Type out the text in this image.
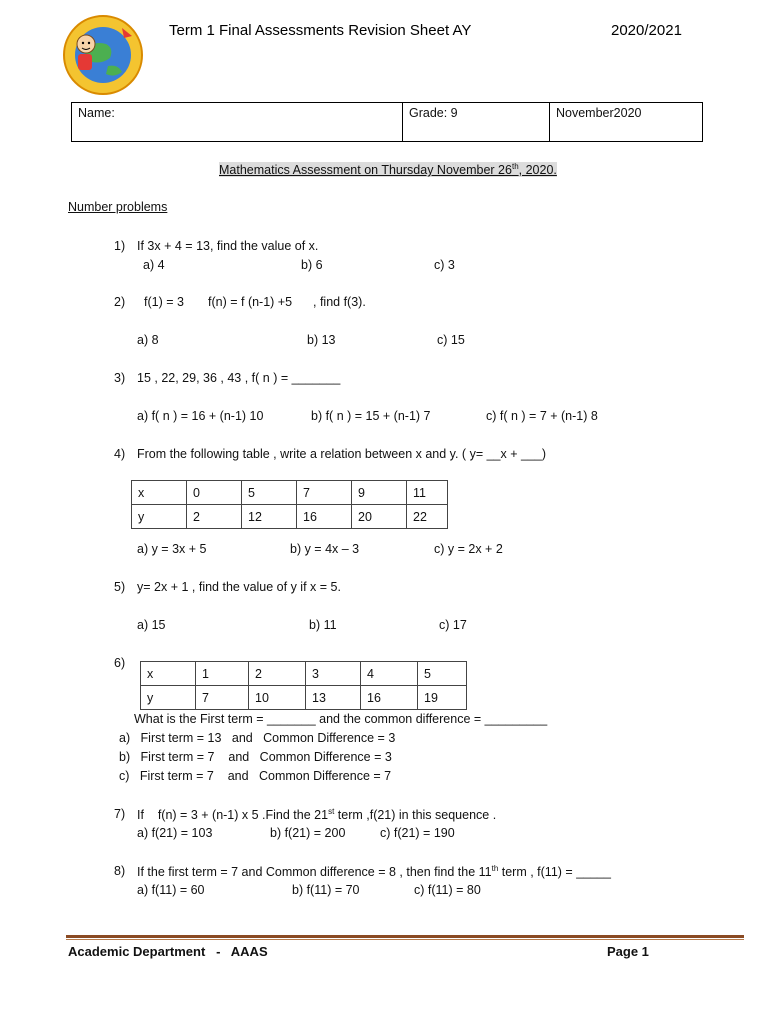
Term 1 Final Assessments Revision Sheet AY	2020/2021
Name:	Grade: 9	November2020
Mathematics Assessment on Thursday November 26th, 2020.
Number problems
1) If 3x + 4 = 13, find the value of x.
a) 4	b) 6	c) 3
2) f(1) = 3 f(n) = f (n-1) +5 , find f(3).
a) 8	b) 13	c) 15
3) 15 , 22, 29, 36 , 43 , f( n ) = _______
a) f( n ) = 16 + (n-1) 10	b) f( n ) = 15 + (n-1) 7	c) f( n ) = 7 + (n-1) 8
4) From the following table , write a relation between x and y. ( y= __x + ___)
x	0	5	7	9	11
y	2	12	16	20	22
a) y = 3x + 5	b) y = 4x – 3	c) y = 2x + 2
5) y= 2x + 1 , find the value of y if x = 5.
a) 15	b) 11	c) 17
6)
x	1	2	3	4	5
y	7	10	13	16	19
What is the First term = _______ and the common difference = _________
a)   First term = 13   and   Common Difference = 3
b)   First term = 7    and   Common Difference = 3
c)   First term = 7    and   Common Difference = 7
7) If    f(n) = 3 + (n-1) x 5 .Find the 21st term ,f(21) in this sequence .
a) f(21) = 103	b) f(21) = 200	c) f(21) = 190
8) If the first term = 7 and Common difference = 8 , then find the 11th term , f(11) = _____
a) f(11) = 60	b) f(11) = 70	c) f(11) = 80
Academic Department   -   AAAS	Page 1
